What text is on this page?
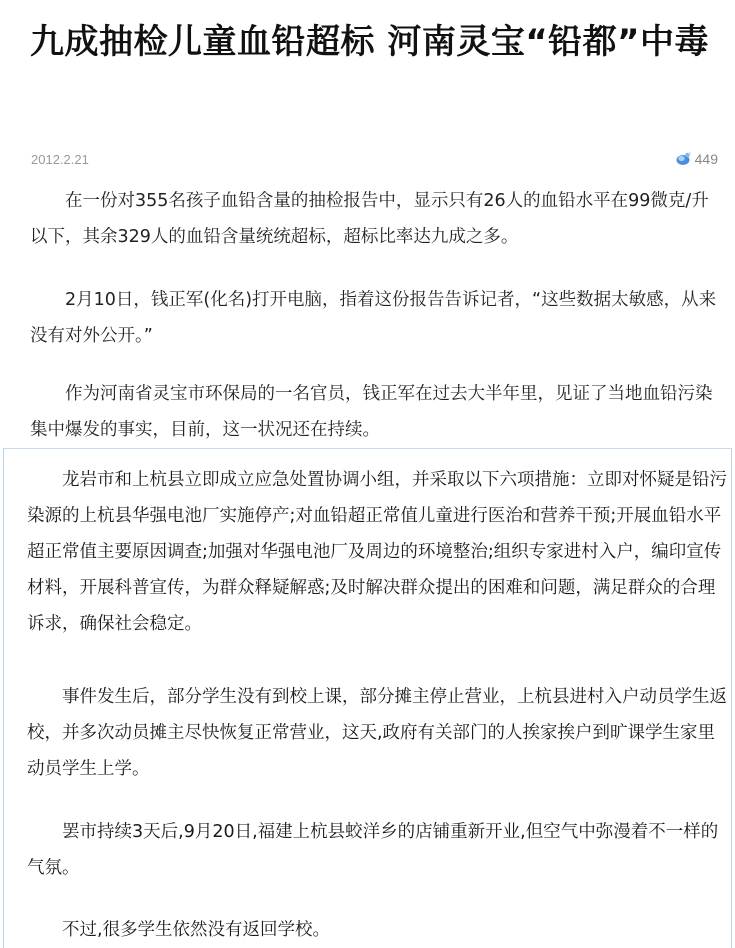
九成抽检儿童血铅超标 河南灵宝“铅都”中毒
2012.2.21	449

在一份对355名孩子血铅含量的抽检报告中，显示只有26人的血铅水平在99微克/升以下，其余329人的血铅含量统统超标，超标比率达九成之多。

2月10日，钱正军(化名)打开电脑，指着这份报告告诉记者，“这些数据太敏感，从来没有对外公开。”

作为河南省灵宝市环保局的一名官员，钱正军在过去大半年里，见证了当地血铅污染集中爆发的事实，目前，这一状况还在持续。

龙岩市和上杭县立即成立应急处置协调小组，并采取以下六项措施：立即对怀疑是铅污染源的上杭县华强电池厂实施停产;对血铅超正常值儿童进行医治和营养干预;开展血铅水平超正常值主要原因调查;加强对华强电池厂及周边的环境整治;组织专家进村入户，编印宣传材料，开展科普宣传，为群众释疑解惑;及时解决群众提出的困难和问题，满足群众的合理诉求，确保社会稳定。

事件发生后，部分学生没有到校上课，部分摊主停止营业，上杭县进村入户动员学生返校，并多次动员摊主尽快恢复正常营业，这天,政府有关部门的人挨家挨户到旷课学生家里动员学生上学。

罢市持续3天后,9月20日,福建上杭县蛟洋乡的店铺重新开业,但空气中弥漫着不一样的气氛。

不过,很多学生依然没有返回学校。
